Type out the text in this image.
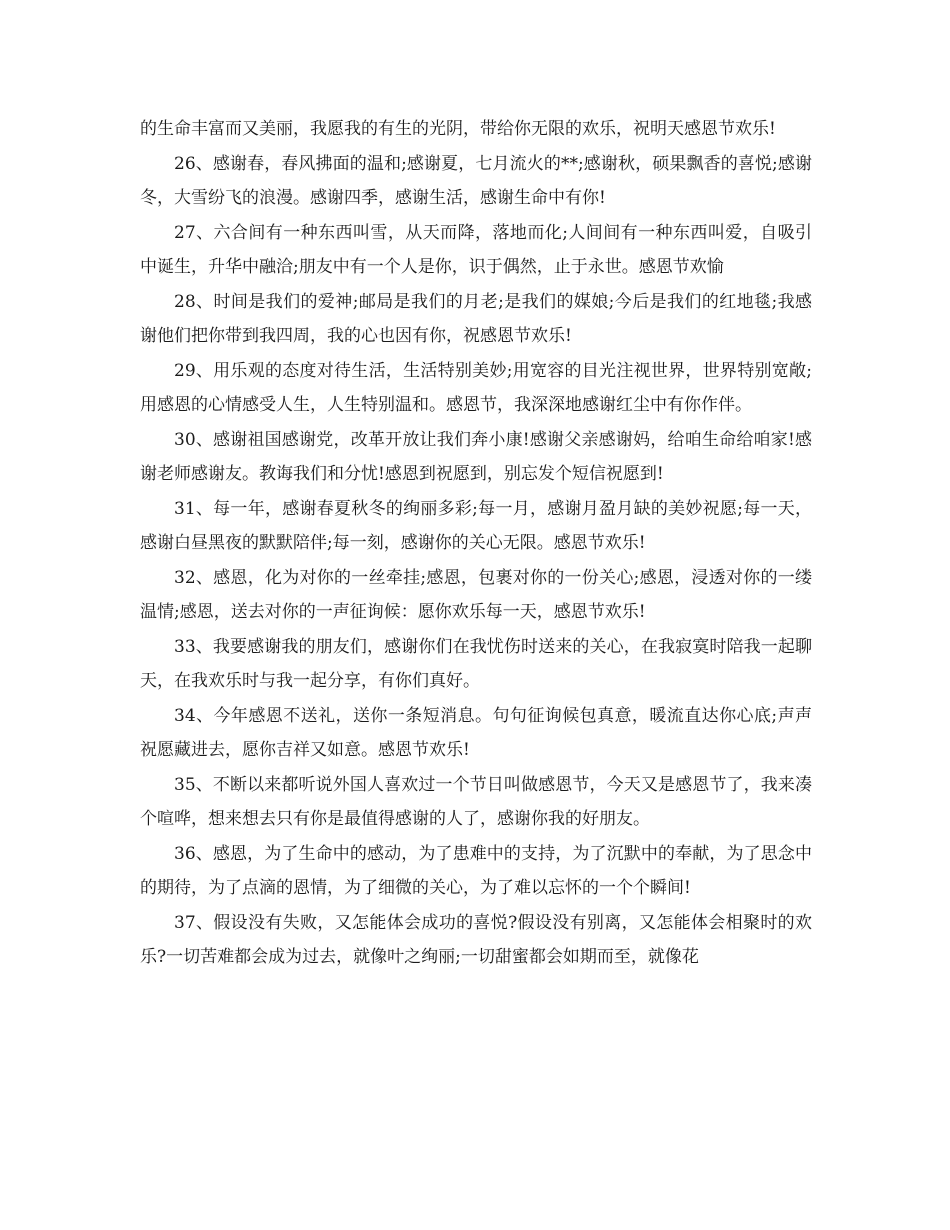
的生命丰富而又美丽，我愿我的有生的光阴，带给你无限的欢乐，祝明天感恩节欢乐!

26、感谢春，春风拂面的温和;感谢夏，七月流火的**;感谢秋，硕果飘香的喜悦;感谢冬，大雪纷飞的浪漫。感谢四季，感谢生活，感谢生命中有你!

27、六合间有一种东西叫雪，从天而降，落地而化;人间间有一种东西叫爱，自吸引中诞生，升华中融洽;朋友中有一个人是你，识于偶然，止于永世。感恩节欢愉

28、时间是我们的爱神;邮局是我们的月老;是我们的媒娘;今后是我们的红地毯;我感谢他们把你带到我四周，我的心也因有你，祝感恩节欢乐!

29、用乐观的态度对待生活，生活特别美妙;用宽容的目光注视世界，世界特别宽敞;用感恩的心情感受人生，人生特别温和。感恩节，我深深地感谢红尘中有你作伴。

30、感谢祖国感谢党，改革开放让我们奔小康!感谢父亲感谢妈，给咱生命给咱家!感谢老师感谢友。教诲我们和分忧!感恩到祝愿到，别忘发个短信祝愿到!

31、每一年，感谢春夏秋冬的绚丽多彩;每一月，感谢月盈月缺的美妙祝愿;每一天，感谢白昼黑夜的默默陪伴;每一刻，感谢你的关心无限。感恩节欢乐!

32、感恩，化为对你的一丝牵挂;感恩，包裹对你的一份关心;感恩，浸透对你的一缕温情;感恩，送去对你的一声征询候：愿你欢乐每一天，感恩节欢乐!

33、我要感谢我的朋友们，感谢你们在我忧伤时送来的关心，在我寂寞时陪我一起聊天，在我欢乐时与我一起分享，有你们真好。

34、今年感恩不送礼，送你一条短消息。句句征询候包真意，暖流直达你心底;声声祝愿藏进去，愿你吉祥又如意。感恩节欢乐!

35、不断以来都听说外国人喜欢过一个节日叫做感恩节，今天又是感恩节了，我来凑个喧哗，想来想去只有你是最值得感谢的人了，感谢你我的好朋友。

36、感恩，为了生命中的感动，为了患难中的支持，为了沉默中的奉献，为了思念中的期待，为了点滴的恩情，为了细微的关心，为了难以忘怀的一个个瞬间!

37、假设没有失败，又怎能体会成功的喜悦?假设没有别离，又怎能体会相聚时的欢乐?一切苦难都会成为过去，就像叶之绚丽;一切甜蜜都会如期而至，就像花
